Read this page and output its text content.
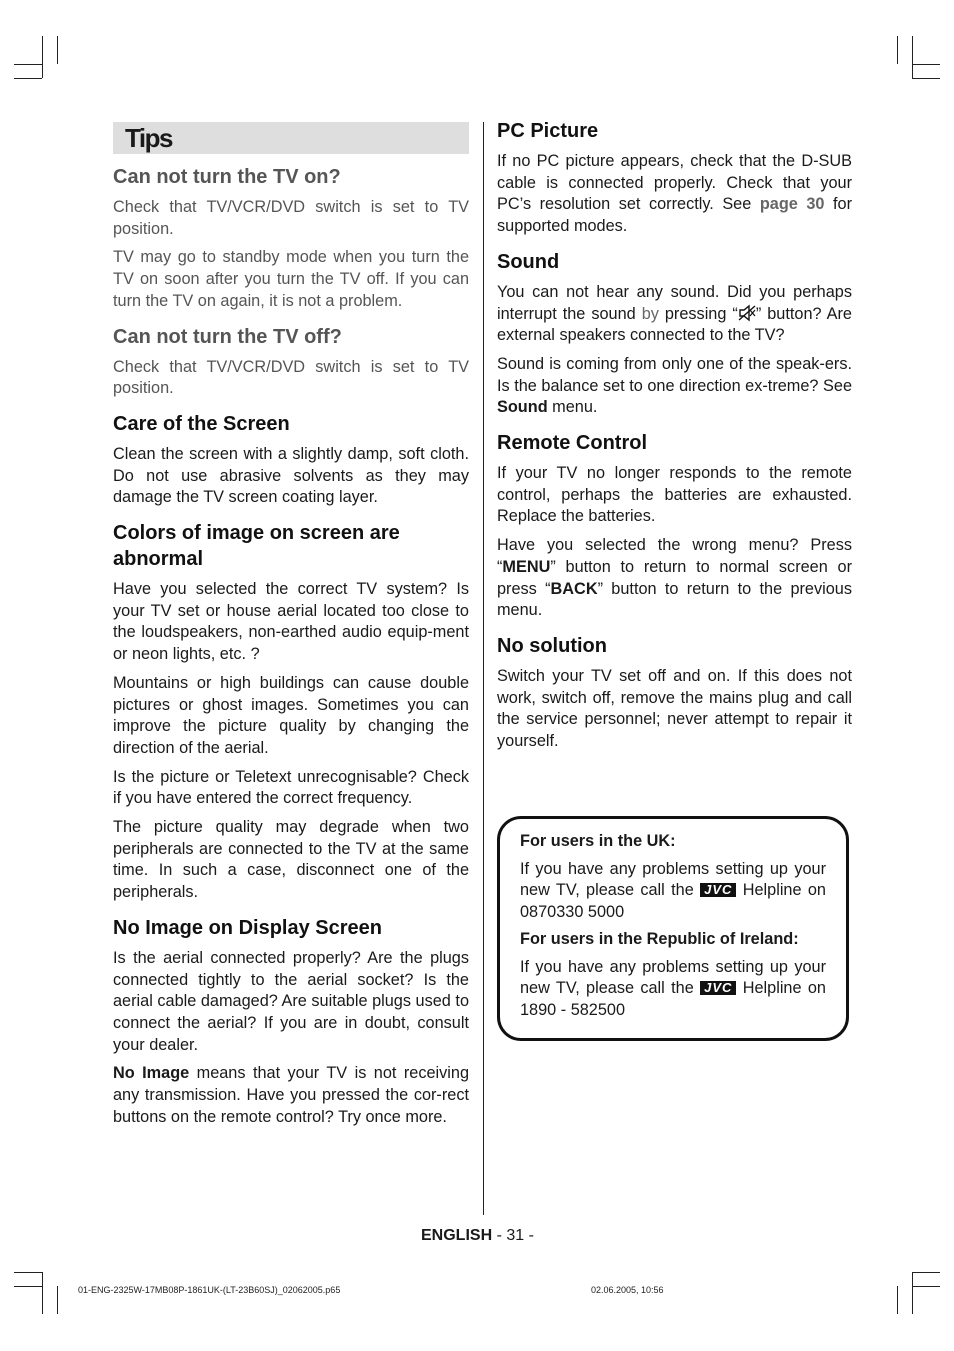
Tips
Can not turn the TV on?

Check that TV/VCR/DVD switch is set to TV position.

TV may go to standby mode when you turn the TV on soon after you turn the TV off. If you can turn the TV on again, it is not a problem.

Can not turn the TV off?

Check that TV/VCR/DVD switch is set to TV position.

Care of the Screen

Clean the screen with a slightly damp, soft cloth. Do not use abrasive solvents as they may damage the TV screen coating layer.

Colors of image on screen are abnormal

Have you selected the correct TV system? Is your TV set or house aerial located too close to the loudspeakers, non-earthed audio equip-ment or neon lights, etc. ?

Mountains or high buildings can cause double pictures or ghost images. Sometimes you can improve the picture quality by changing the direction of the aerial.

Is the picture or Teletext unrecognisable? Check if you have entered the correct frequency.

The picture quality may degrade when two peripherals are connected to the TV at the same time. In such a case, disconnect one of the peripherals.

No Image on Display Screen

Is the aerial connected properly? Are the plugs connected tightly to the aerial socket? Is the aerial cable damaged? Are suitable plugs used to connect the aerial? If you are in doubt, consult your dealer.

No Image means that your TV is not receiving any transmission. Have you pressed the cor-rect buttons on the remote control? Try once more.

PC Picture

If no PC picture appears, check that the D-SUB cable is connected properly. Check that your PC’s resolution set correctly. See page 30 for supported modes.

Sound

You can not hear any sound. Did you perhaps interrupt the sound by pressing “ ” button? Are external speakers connected to the TV?

Sound is coming from only one of the speak-ers. Is the balance set to one direction ex-treme? See Sound menu.

Remote Control

If your TV no longer responds to the remote control, perhaps the batteries are exhausted. Replace the batteries.

Have you selected the wrong menu? Press “MENU” button to return to normal screen or press “BACK” button to return to the previous menu.

No solution

Switch your TV set off and on. If this does not work, switch off, remove the mains plug and call the service personnel; never attempt to repair it yourself.

For users in the UK:

If you have any problems setting up your new TV, please call the JVC Helpline on 0870330 5000

For users in the Republic of Ireland:

If you have any problems setting up your new TV, please call the JVC Helpline on 1890 - 582500

ENGLISH - 31 -
01-ENG-2325W-17MB08P-1861UK-(LT-23B60SJ)_02062005.p65	02.06.2005, 10:56
